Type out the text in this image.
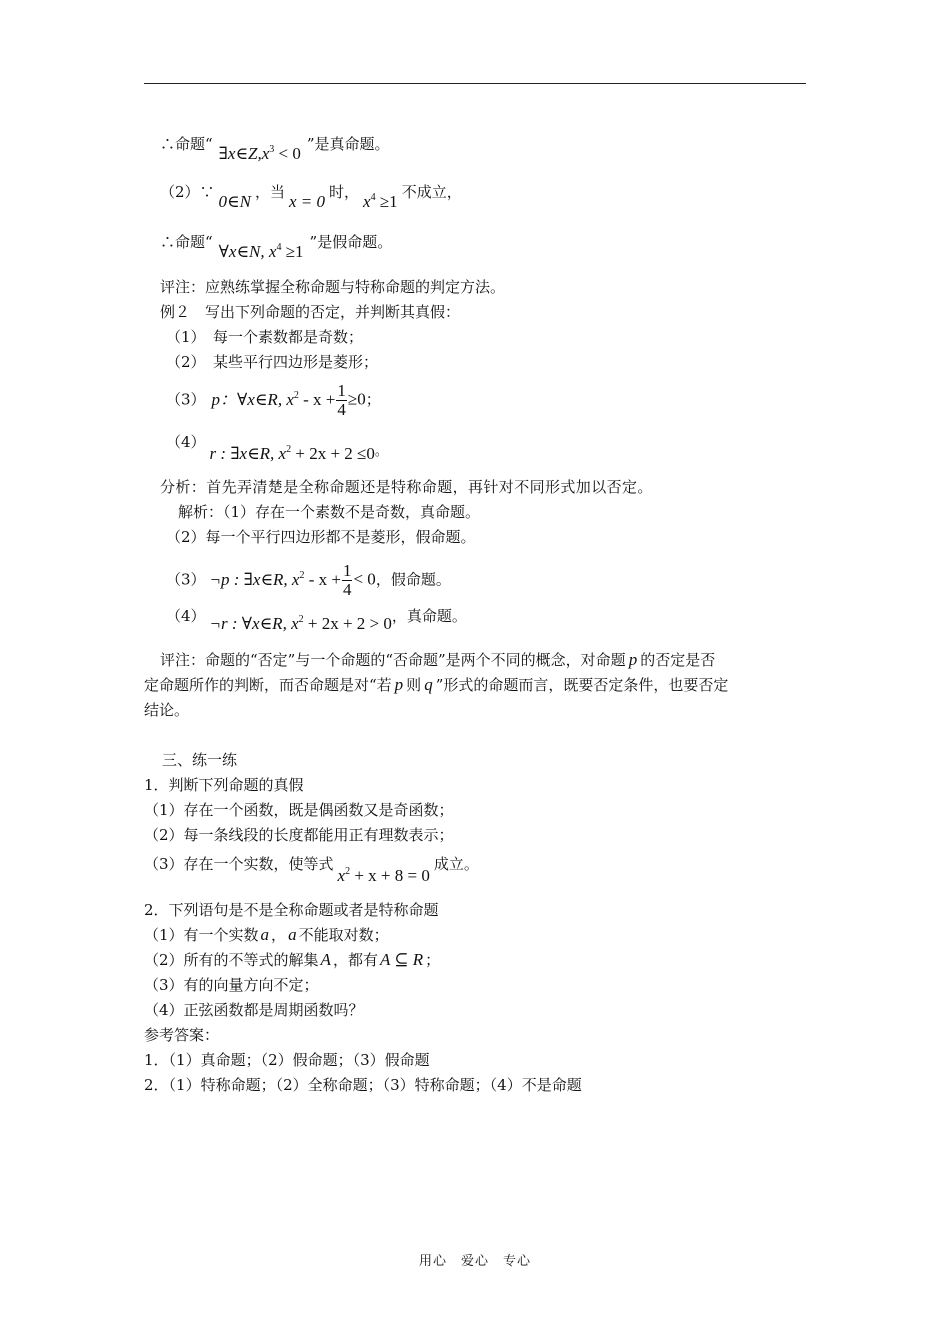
∴命题“ $\exists x\in Z,x^3 < 0$ ”是真命题。
（2）∵ 0∈N ，当 x = 0 时， $x^4 \ge 1$ 不成立，
∴命题“ ∀x∈N, $x^4 \ge 1$ ”是假命题。
评注：应熟练掌握全称命题与特称命题的判定方法。
例２　写出下列命题的否定，并判断其真假：
（1）　每一个素数都是奇数；
（2）　某些平行四边形是菱形；
（3） p：∀x∈R, $x^2 - x + \frac{1}{4} \ge 0$；
（4）r : ∃x∈R, $x^2 + 2x + 2 \le 0$。
分析：首先弄清楚是全称命题还是特称命题，再针对不同形式加以否定。
解析：（1）存在一个素数不是奇数，真命题。
（2）每一个平行四边形都不是菱形，假命题。
（3） ¬p : ∃x∈R, $x^2 - x + \frac{1}{4} < 0$，假命题。
（4） ¬r : ∀x∈R, $x^2 + 2x + 2 > 0$，真命题。
评注：命题的“否定”与一个命题的“否命题”是两个不同的概念，对命题 p 的否定是否
定命题所作的判断，而否命题是对“若 p 则 q ”形式的命题而言，既要否定条件，也要否定
结论。
三、练一练
1．判断下列命题的真假
（1）存在一个函数，既是偶函数又是奇函数；
（2）每一条线段的长度都能用正有理数表示；
（3）存在一个实数，使等式$x^2 + x + 8 = 0$成立。
2．下列语句是不是全称命题或者是特称命题
（1）有一个实数 a ， a 不能取对数；
（2）所有的不等式的解集 A ，都有 A ⊆ R ；
（3）有的向量方向不定；
（4）正弦函数都是周期函数吗？
参考答案：
1．（1）真命题；（2）假命题；（3）假命题
2．（1）特称命题；（2）全称命题；（3）特称命题；（4）不是命题
用心　爱心　专心
